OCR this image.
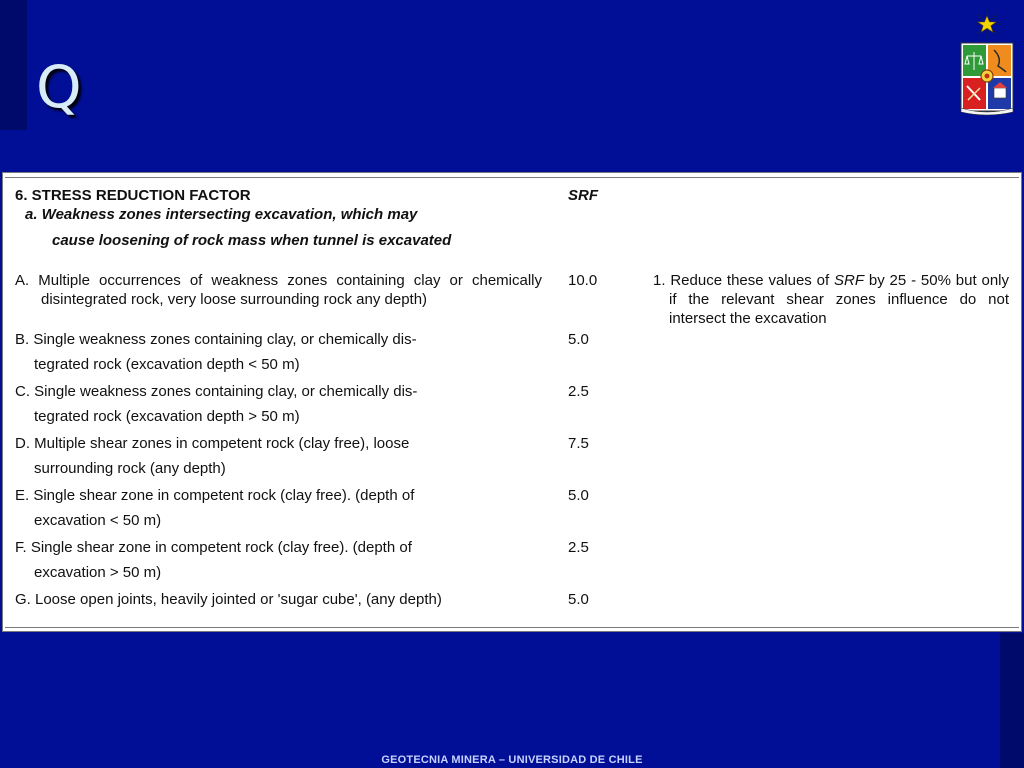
Q
6. STRESS REDUCTION FACTOR
a. Weakness zones intersecting excavation, which may
cause loosening of rock mass when tunnel is excavated
SRF
A. Multiple occurrences of weakness zones containing clay or chemically disintegrated rock, very loose surrounding rock any depth)
10.0	1. Reduce these values of SRF by 25 - 50% but only if the relevant shear zones influence do not intersect the excavation
B. Single weakness zones containing clay, or chemically dis-
tegrated rock (excavation depth < 50 m)
5.0
C. Single weakness zones containing clay, or chemically dis-
tegrated rock (excavation depth > 50 m)
2.5
D. Multiple shear zones in competent rock (clay free), loose
surrounding rock (any depth)
7.5
E. Single shear zone in competent rock (clay free). (depth of
excavation < 50 m)
5.0
F. Single shear zone in competent rock (clay free). (depth of
excavation > 50 m)
2.5
G. Loose open joints, heavily jointed or 'sugar cube', (any depth)	5.0
GEOTECNIA MINERA – UNIVERSIDAD DE CHILE
